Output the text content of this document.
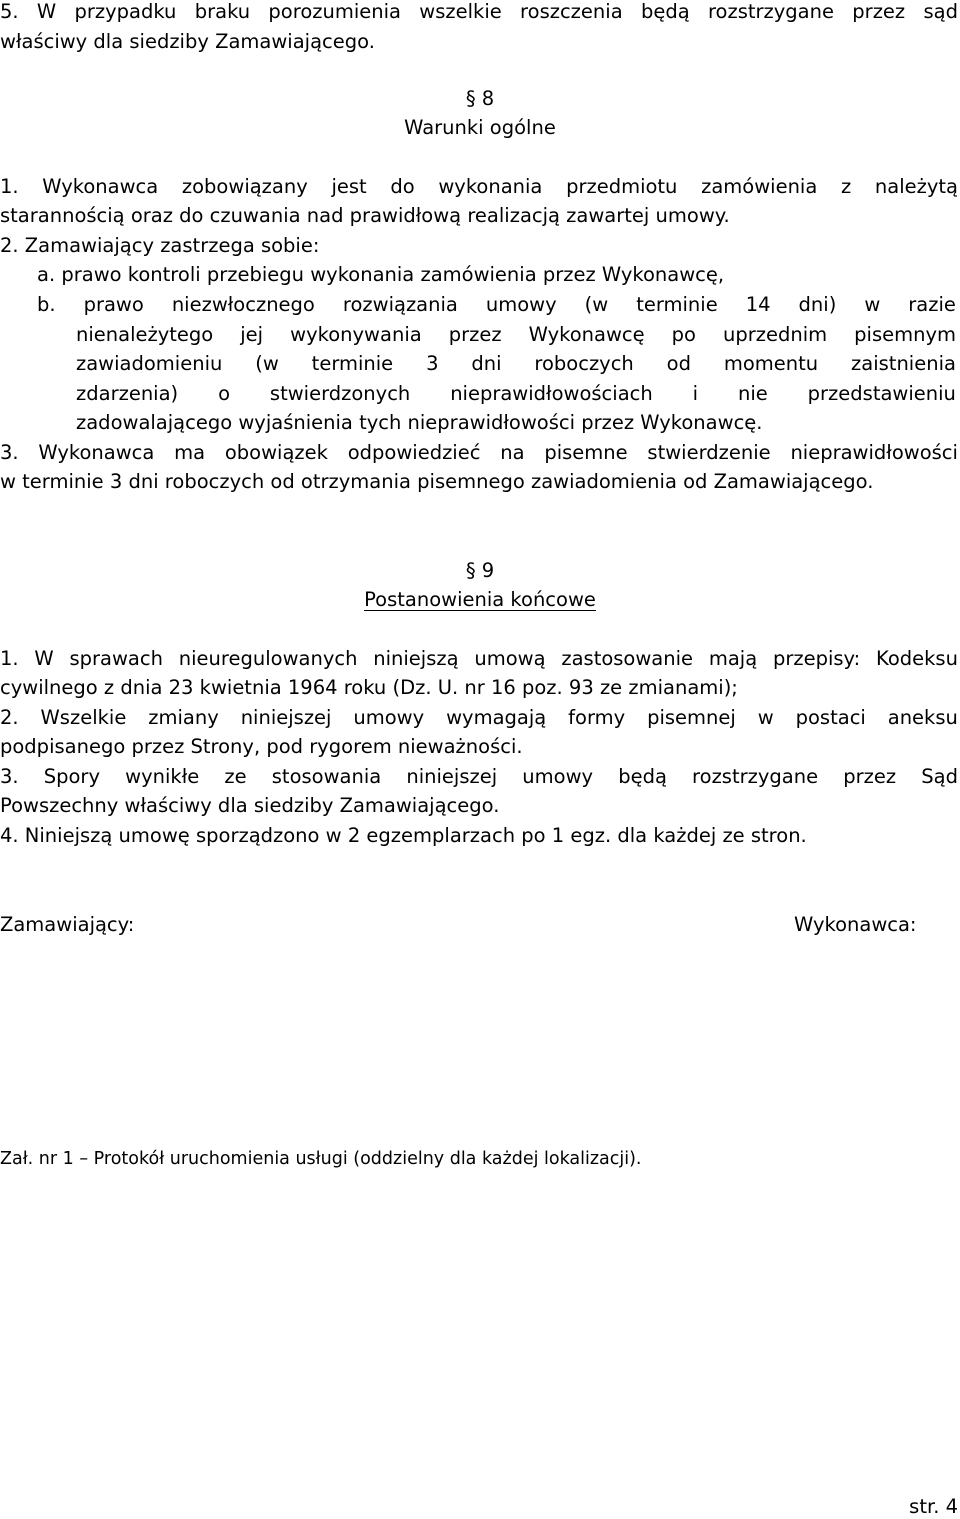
5. W przypadku braku porozumienia wszelkie roszczenia będą rozstrzygane przez sąd
właściwy dla siedziby Zamawiającego.
§ 8
Warunki ogólne
1. Wykonawca zobowiązany jest do wykonania przedmiotu zamówienia z należytą
starannością oraz do czuwania nad prawidłową realizacją zawartej umowy.
2. Zamawiający zastrzega sobie:
a. prawo kontroli przebiegu wykonania zamówienia przez Wykonawcę,
b. prawo niezwłocznego rozwiązania umowy (w terminie 14 dni) w razie
nienależytego jej wykonywania przez Wykonawcę po uprzednim pisemnym
zawiadomieniu (w terminie 3 dni roboczych od momentu zaistnienia
zdarzenia) o stwierdzonych nieprawidłowościach i nie przedstawieniu
zadowalającego wyjaśnienia tych nieprawidłowości przez Wykonawcę.
3. Wykonawca ma obowiązek odpowiedzieć na pisemne stwierdzenie nieprawidłowości
w terminie 3 dni roboczych od otrzymania pisemnego zawiadomienia od Zamawiającego.
§ 9
Postanowienia końcowe
1. W sprawach nieuregulowanych niniejszą umową zastosowanie mają przepisy: Kodeksu
cywilnego z dnia 23 kwietnia 1964 roku (Dz. U. nr 16 poz. 93 ze zmianami);
2. Wszelkie zmiany niniejszej umowy wymagają formy pisemnej w postaci aneksu
podpisanego przez Strony, pod rygorem nieważności.
3. Spory wynikłe ze stosowania niniejszej umowy będą rozstrzygane przez Sąd
Powszechny właściwy dla siedziby Zamawiającego.
4. Niniejszą umowę sporządzono w 2 egzemplarzach po 1 egz. dla każdej ze stron.
Zamawiający:	Wykonawca:
Zał. nr 1 – Protokół uruchomienia usługi (oddzielny dla każdej lokalizacji).
str. 4
